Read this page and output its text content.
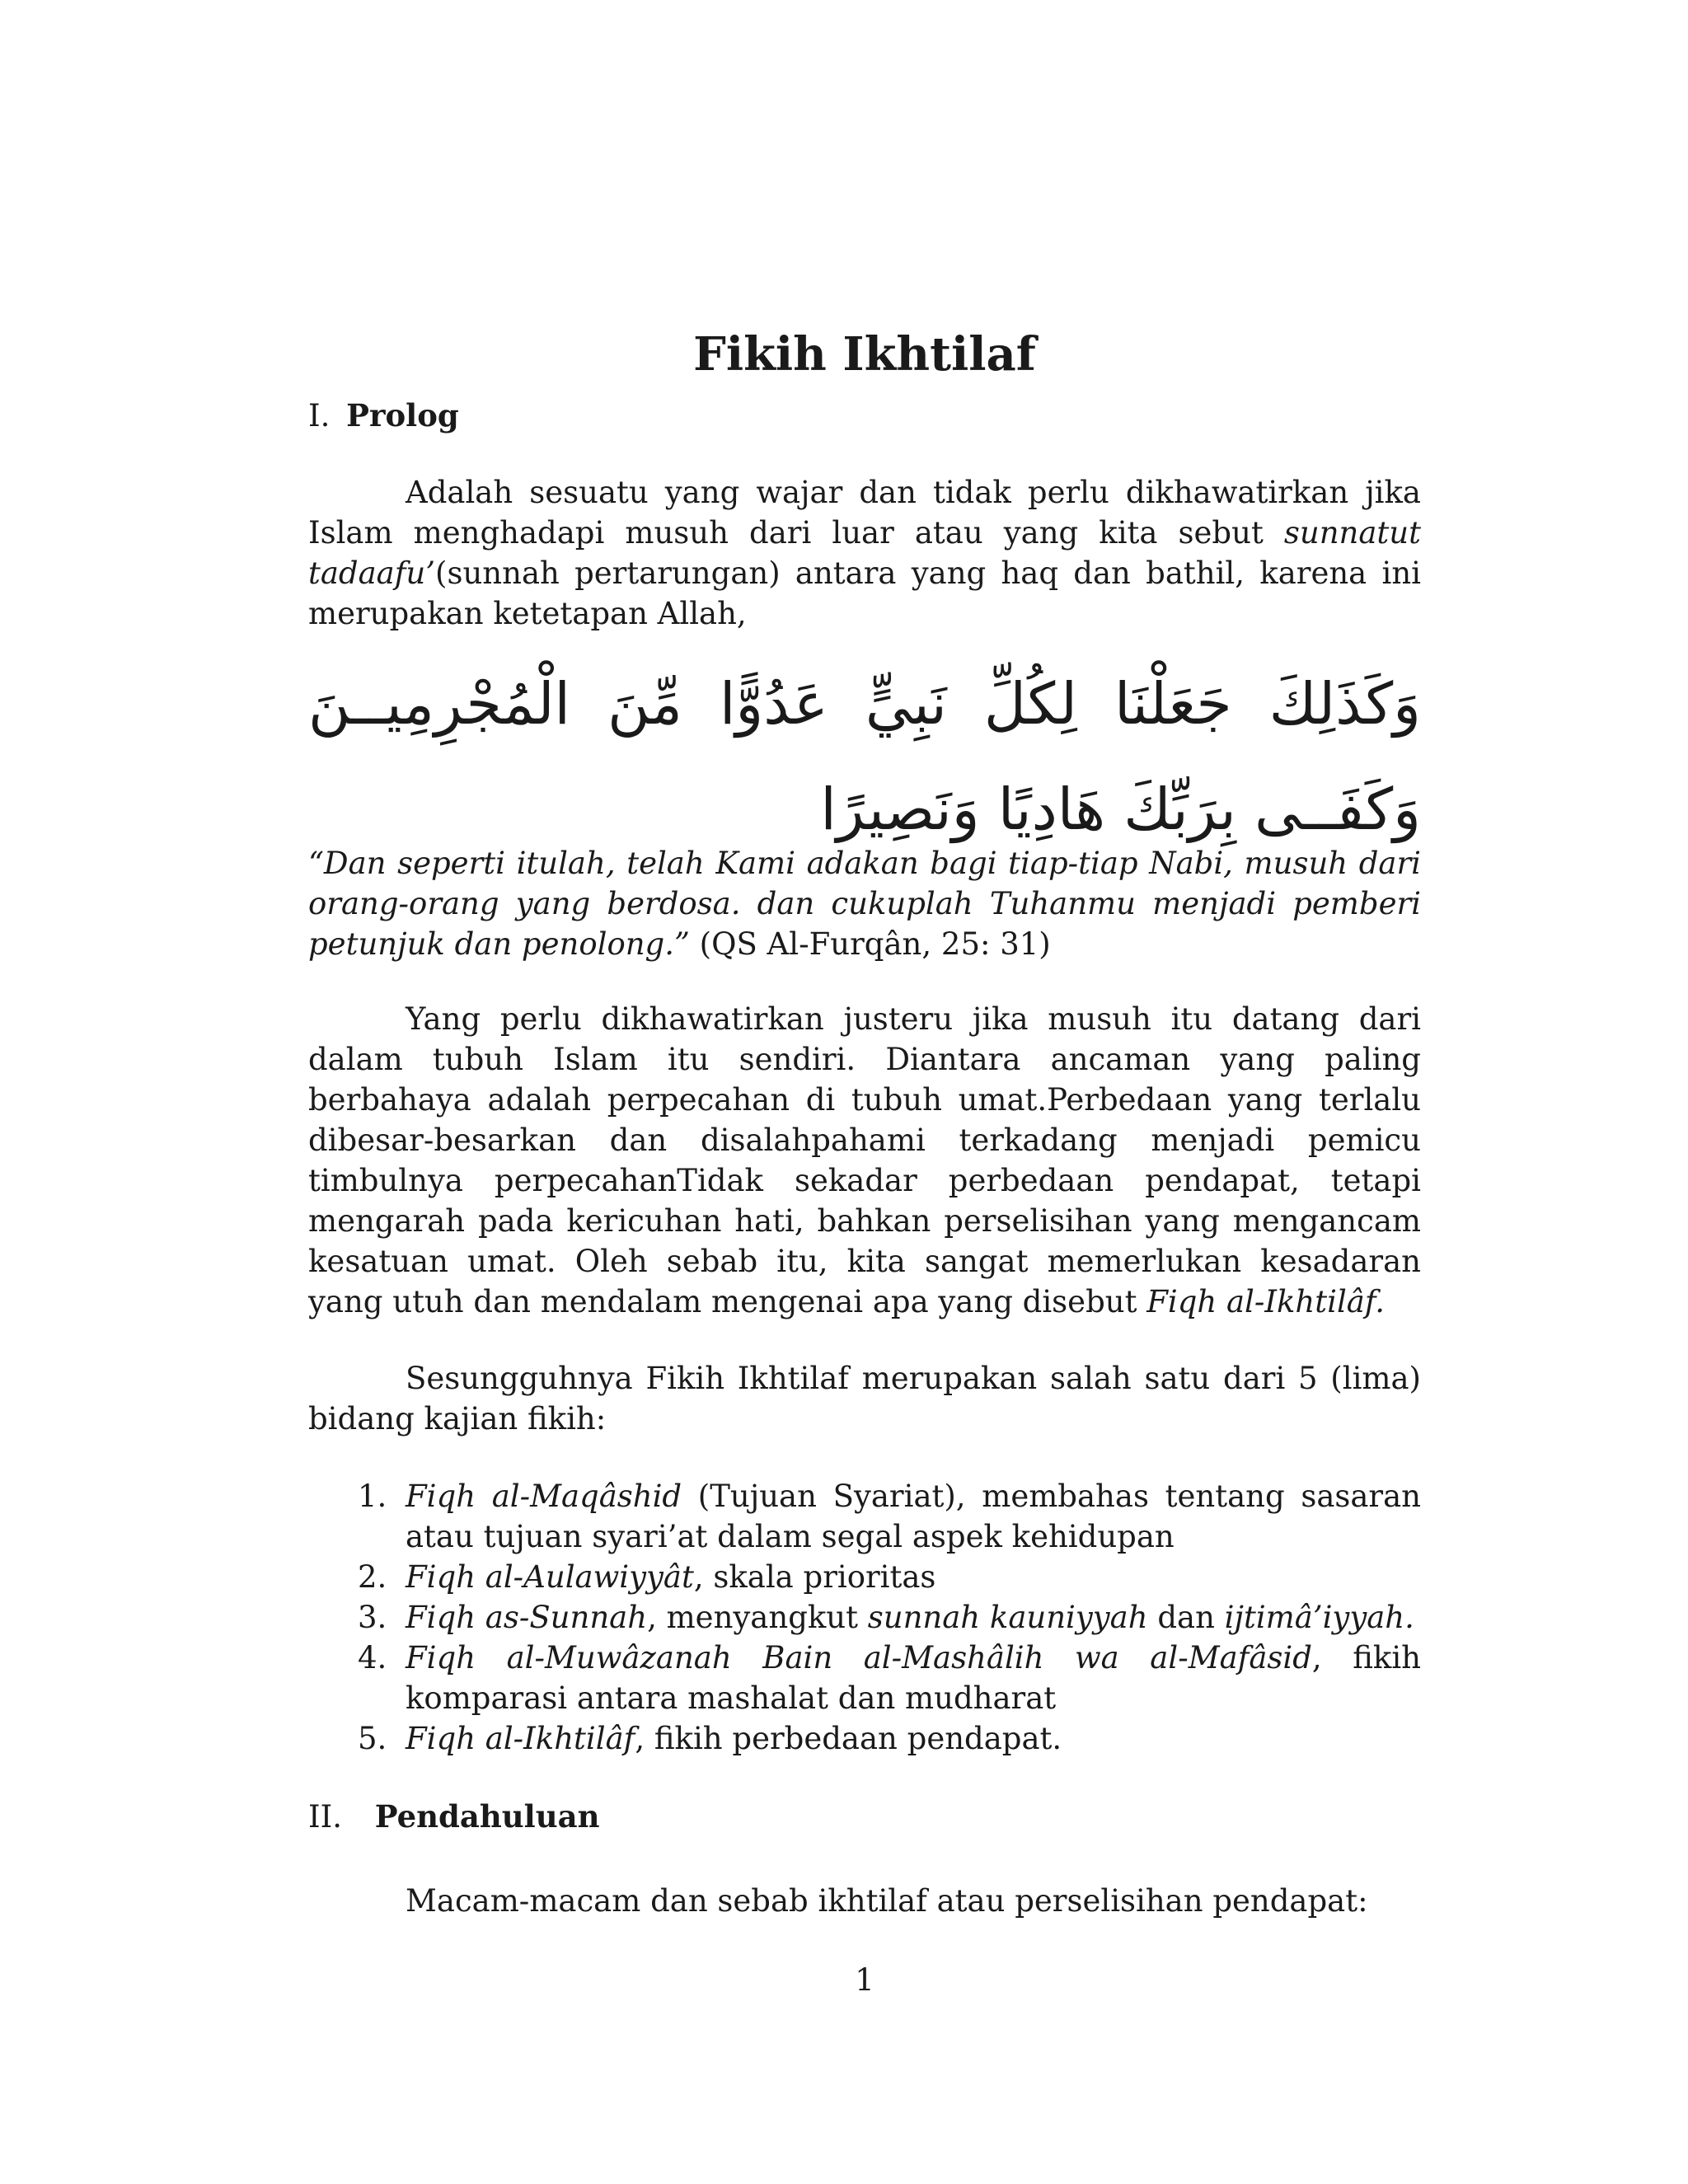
Fikih Ikhtilaf
I. Prolog

Adalah sesuatu yang wajar dan tidak perlu dikhawatirkan jika Islam menghadapi musuh dari luar atau yang kita sebut sunnatut tadaafu’(sunnah pertarungan) antara yang haq dan bathil, karena ini merupakan ketetapan Allah,

وَكَذَلِكَ جَعَلْنَا لِكُلِّ نَبِيٍّ عَدُوًّا مِّنَ الْمُجْرِمِيــنَ وَكَفَــى بِرَبِّكَ هَادِيًا وَنَصِيرًا

“Dan seperti itulah, telah Kami adakan bagi tiap-tiap Nabi, musuh dari orang-orang yang berdosa. dan cukuplah Tuhanmu menjadi pemberi petunjuk dan penolong.” (QS Al-Furqân, 25: 31)

Yang perlu dikhawatirkan justeru jika musuh itu datang dari dalam tubuh Islam itu sendiri. Diantara ancaman yang paling berbahaya adalah perpecahan di tubuh umat.Perbedaan yang terlalu dibesar-besarkan dan disalahpahami terkadang menjadi pemicu timbulnya perpecahanTidak sekadar perbedaan pendapat, tetapi mengarah pada kericuhan hati, bahkan perselisihan yang mengancam kesatuan umat. Oleh sebab itu, kita sangat memerlukan kesadaran yang utuh dan mendalam mengenai apa yang disebut Fiqh al-Ikhtilâf.

Sesungguhnya Fikih Ikhtilaf merupakan salah satu dari 5 (lima) bidang kajian fikih:

1. Fiqh al-Maqâshid (Tujuan Syariat), membahas tentang sasaran atau tujuan syari’at dalam segal aspek kehidupan
2. Fiqh al-Aulawiyyât, skala prioritas
3. Fiqh as-Sunnah, menyangkut sunnah kauniyyah dan ijtimâ’iyyah.
4. Fiqh al-Muwâzanah Bain al-Mashâlih wa al-Mafâsid, fikih komparasi antara mashalat dan mudharat
5. Fiqh al-Ikhtilâf, fikih perbedaan pendapat.
II. Pendahuluan

Macam-macam dan sebab ikhtilaf atau perselisihan pendapat:

1
